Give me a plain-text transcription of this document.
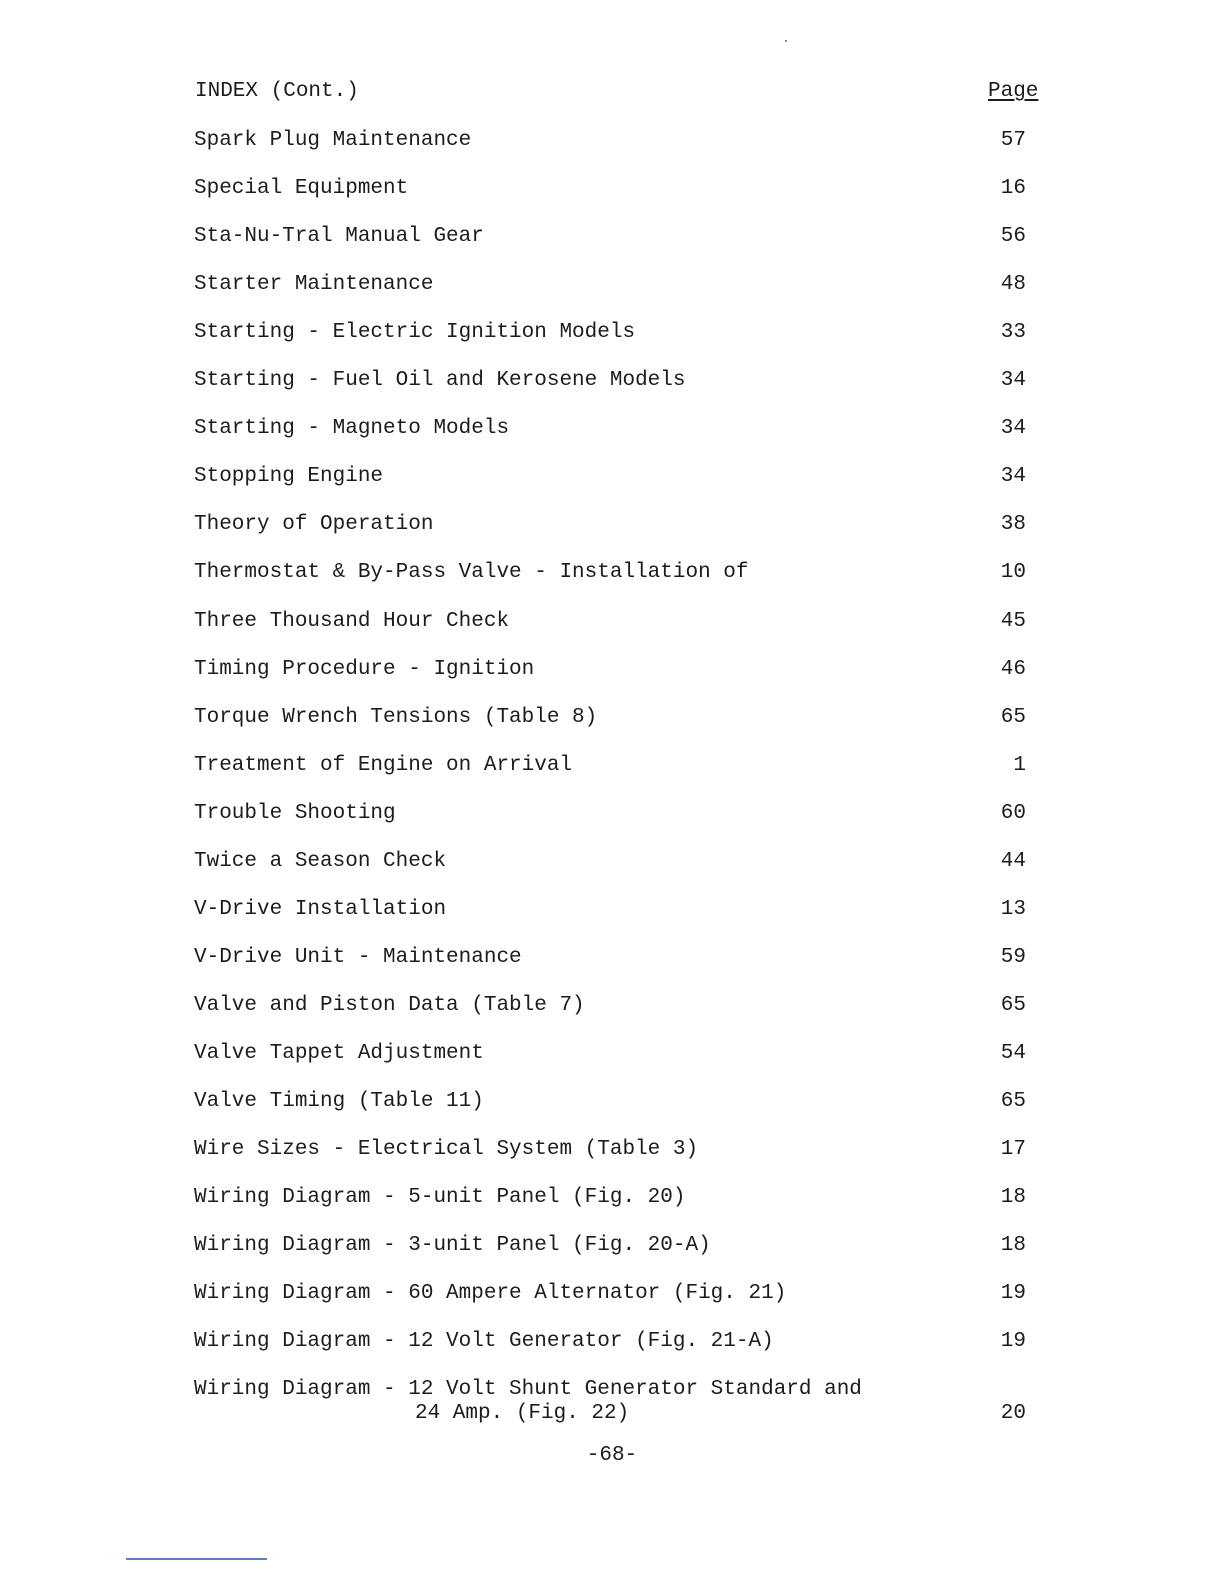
INDEX (Cont.)	Page
Spark Plug Maintenance	57
Special Equipment	16
Sta-Nu-Tral Manual Gear	56
Starter Maintenance	48
Starting - Electric Ignition Models	33
Starting - Fuel Oil and Kerosene Models	34
Starting - Magneto Models	34
Stopping Engine	34
Theory of Operation	38
Thermostat & By-Pass Valve - Installation of	10
Three Thousand Hour Check	45
Timing Procedure - Ignition	46
Torque Wrench Tensions (Table 8)	65
Treatment of Engine on Arrival	1
Trouble Shooting	60
Twice a Season Check	44
V-Drive Installation	13
V-Drive Unit - Maintenance	59
Valve and Piston Data (Table 7)	65
Valve Tappet Adjustment	54
Valve Timing (Table 11)	65
Wire Sizes - Electrical System (Table 3)	17
Wiring Diagram - 5-unit Panel (Fig. 20)	18
Wiring Diagram - 3-unit Panel (Fig. 20-A)	18
Wiring Diagram - 60 Ampere Alternator (Fig. 21)	19
Wiring Diagram - 12 Volt Generator (Fig. 21-A)	19
Wiring Diagram - 12 Volt Shunt Generator Standard and
24 Amp. (Fig. 22)	20
-68-
